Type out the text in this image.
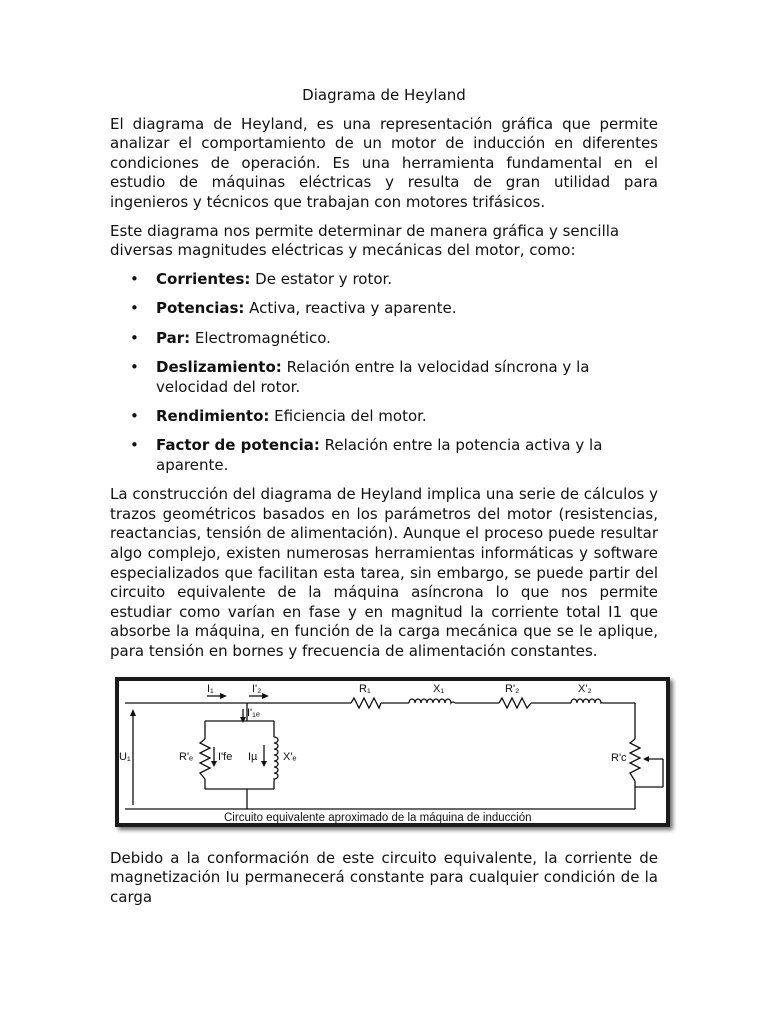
Diagrama de Heyland

El diagrama de Heyland, es una representación gráfica que permite analizar el comportamiento de un motor de inducción en diferentes condiciones de operación. Es una herramienta fundamental en el estudio de máquinas eléctricas y resulta de gran utilidad para ingenieros y técnicos que trabajan con motores trifásicos.

Este diagrama nos permite determinar de manera gráfica y sencilla diversas magnitudes eléctricas y mecánicas del motor, como:

• Corrientes: De estator y rotor.
• Potencias: Activa, reactiva y aparente.
• Par: Electromagnético.
• Deslizamiento: Relación entre la velocidad síncrona y la velocidad del rotor.
• Rendimiento: Eficiencia del motor.
• Factor de potencia: Relación entre la potencia activa y la aparente.

La construcción del diagrama de Heyland implica una serie de cálculos y trazos geométricos basados en los parámetros del motor (resistencias, reactancias, tensión de alimentación). Aunque el proceso puede resultar algo complejo, existen numerosas herramientas informáticas y software especializados que facilitan esta tarea, sin embargo, se puede partir del circuito equivalente de la máquina asíncrona lo que nos permite estudiar como varían en fase y en magnitud la corriente total I1 que absorbe la máquina, en función de la carga mecánica que se le aplique, para tensión en bornes y frecuencia de alimentación constantes.

I₁	I'₂
I'₁ₑ
R₁	X₁	R'₂	X'₂
U₁	R'ₑ I'fe Iµ X'ₑ	R'c
Circuito equivalente aproximado de la máquina de inducción

Debido a la conformación de este circuito equivalente, la corriente de magnetización Iu permanecerá constante para cualquier condición de la carga
